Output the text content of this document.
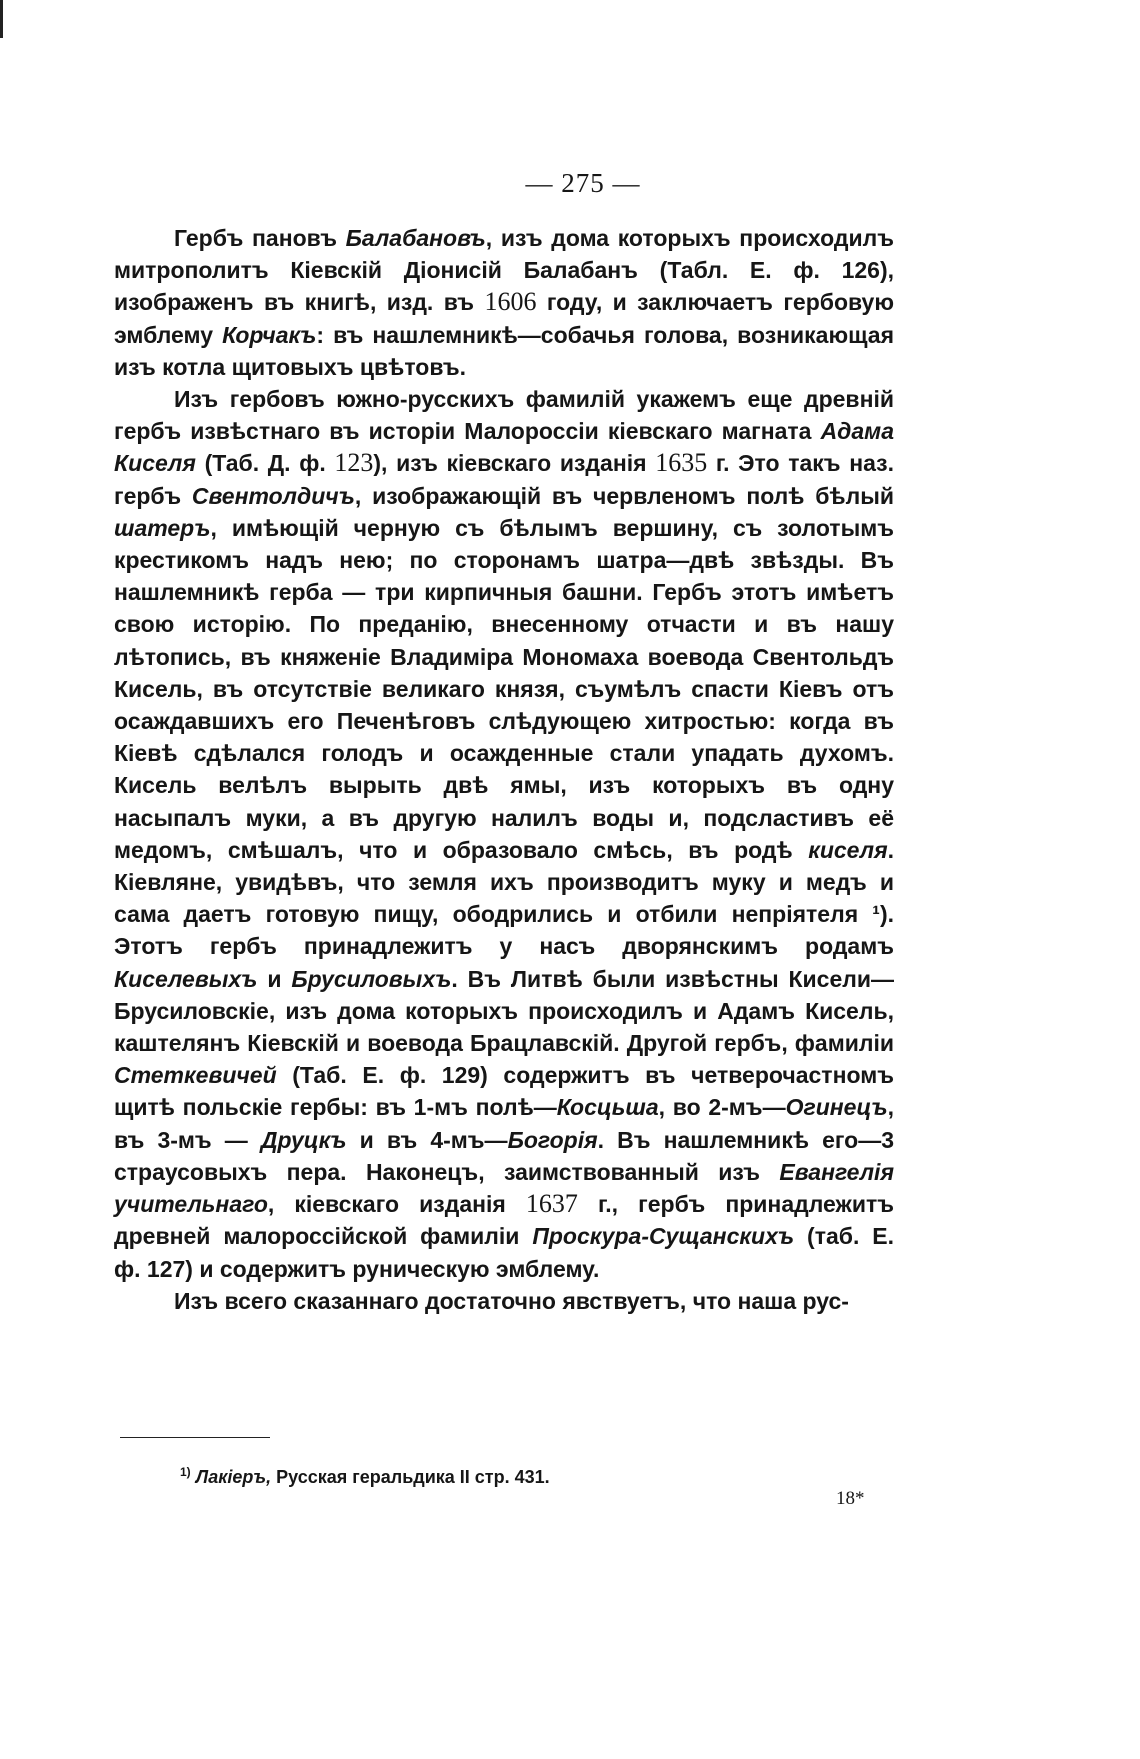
— 275 —

Гербъ пановъ Балабановъ, изъ дома которыхъ происходилъ митрополитъ Кіевскій Діонисій Балабанъ (Табл. Е. ф. 126), изображенъ въ книгѣ, изд. въ 1606 году, и заключаетъ гербовую эмблему Корчакъ: въ нашлемникѣ—собачья голова, возникающая изъ котла щитовыхъ цвѣтовъ.

Изъ гербовъ южно-русскихъ фамилій укажемъ еще древній гербъ извѣстнаго въ исторіи Малороссіи кіевскаго магната Адама Киселя (Таб. Д. ф. 123), изъ кіевскаго изданія 1635 г. Это такъ наз. гербъ Свентолдичъ, изображающій въ червленомъ полѣ бѣлый шатеръ, имѣющій черную съ бѣлымъ вершину, съ золотымъ крестикомъ надъ нею; по сторонамъ шатра—двѣ звѣзды. Въ нашлемникѣ герба — три кирпичныя башни. Гербъ этотъ имѣетъ свою исторію. По преданію, внесенному отчасти и въ нашу лѣтопись, въ княженіе Владиміра Мономаха воевода Свентольдъ Кисель, въ отсутствіе великаго князя, съумѣлъ спасти Кіевъ отъ осаждавшихъ его Печенѣговъ слѣдующею хитростью: когда въ Кіевѣ сдѣлался голодъ и осажденные стали упадать духомъ. Кисель велѣлъ вырыть двѣ ямы, изъ которыхъ въ одну насыпалъ муки, а въ другую налилъ воды и, подсластивъ её медомъ, смѣшалъ, что и образовало смѣсь, въ родѣ киселя. Кіевляне, увидѣвъ, что земля ихъ производитъ муку и медъ и сама даетъ готовую пищу, ободрились и отбили непріятеля ¹). Этотъ гербъ принадлежитъ у насъ дворянскимъ родамъ Киселевыхъ и Брусиловыхъ. Въ Литвѣ были извѣстны Кисели—Брусиловскіе, изъ дома которыхъ происходилъ и Адамъ Кисель, каштелянъ Кіевскій и воевода Брацлавскій. Другой гербъ, фамиліи Стеткевичей (Таб. Е. ф. 129) содержитъ въ четверочастномъ щитѣ польскіе гербы: въ 1-мъ полѣ—Косцьша, во 2-мъ—Огинецъ, въ 3-мъ — Друцкъ и въ 4-мъ—Богорія. Въ нашлемникѣ его—3 страусовыхъ пера. Наконецъ, заимствованный изъ Евангелія учительнаго, кіевскаго изданія 1637 г., гербъ принадлежитъ древней малороссійской фамиліи Проскура-Сущанскихъ (таб. Е. ф. 127) и содержитъ руническую эмблему.

Изъ всего сказаннаго достаточно явствуетъ, что наша рус-

$^{1)}$ Лакіеръ, Русская геральдика II стр. 431.
18*
